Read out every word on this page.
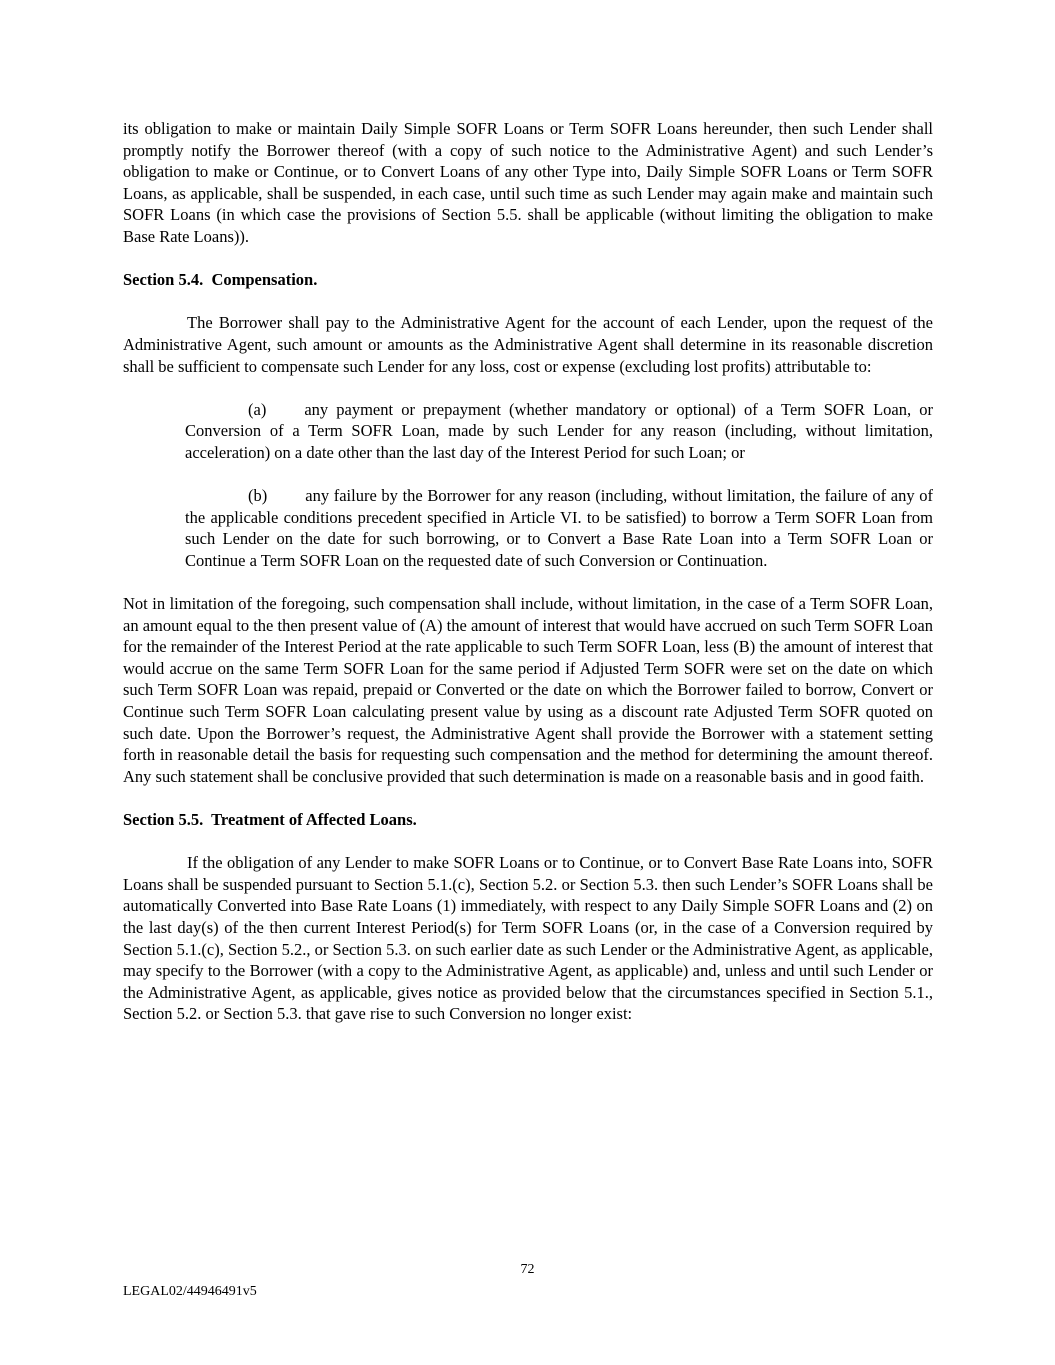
its obligation to make or maintain Daily Simple SOFR Loans or Term SOFR Loans hereunder, then such Lender shall promptly notify the Borrower thereof (with a copy of such notice to the Administrative Agent) and such Lender’s obligation to make or Continue, or to Convert Loans of any other Type into, Daily Simple SOFR Loans or Term SOFR Loans, as applicable, shall be suspended, in each case, until such time as such Lender may again make and maintain such SOFR Loans (in which case the provisions of Section 5.5. shall be applicable (without limiting the obligation to make Base Rate Loans)).

Section 5.4.  Compensation.

The Borrower shall pay to the Administrative Agent for the account of each Lender, upon the request of the Administrative Agent, such amount or amounts as the Administrative Agent shall determine in its reasonable discretion shall be sufficient to compensate such Lender for any loss, cost or expense (excluding lost profits) attributable to:

(a) any payment or prepayment (whether mandatory or optional) of a Term SOFR Loan, or Conversion of a Term SOFR Loan, made by such Lender for any reason (including, without limitation, acceleration) on a date other than the last day of the Interest Period for such Loan; or

(b) any failure by the Borrower for any reason (including, without limitation, the failure of any of the applicable conditions precedent specified in Article VI. to be satisfied) to borrow a Term SOFR Loan from such Lender on the date for such borrowing, or to Convert a Base Rate Loan into a Term SOFR Loan or Continue a Term SOFR Loan on the requested date of such Conversion or Continuation.

Not in limitation of the foregoing, such compensation shall include, without limitation, in the case of a Term SOFR Loan, an amount equal to the then present value of (A) the amount of interest that would have accrued on such Term SOFR Loan for the remainder of the Interest Period at the rate applicable to such Term SOFR Loan, less (B) the amount of interest that would accrue on the same Term SOFR Loan for the same period if Adjusted Term SOFR were set on the date on which such Term SOFR Loan was repaid, prepaid or Converted or the date on which the Borrower failed to borrow, Convert or Continue such Term SOFR Loan calculating present value by using as a discount rate Adjusted Term SOFR quoted on such date. Upon the Borrower’s request, the Administrative Agent shall provide the Borrower with a statement setting forth in reasonable detail the basis for requesting such compensation and the method for determining the amount thereof. Any such statement shall be conclusive provided that such determination is made on a reasonable basis and in good faith.

Section 5.5.  Treatment of Affected Loans.

If the obligation of any Lender to make SOFR Loans or to Continue, or to Convert Base Rate Loans into, SOFR Loans shall be suspended pursuant to Section 5.1.(c), Section 5.2. or Section 5.3. then such Lender’s SOFR Loans shall be automatically Converted into Base Rate Loans (1) immediately, with respect to any Daily Simple SOFR Loans and (2) on the last day(s) of the then current Interest Period(s) for Term SOFR Loans (or, in the case of a Conversion required by Section 5.1.(c), Section 5.2., or Section 5.3. on such earlier date as such Lender or the Administrative Agent, as applicable, may specify to the Borrower (with a copy to the Administrative Agent, as applicable) and, unless and until such Lender or the Administrative Agent, as applicable, gives notice as provided below that the circumstances specified in Section 5.1., Section 5.2. or Section 5.3. that gave rise to such Conversion no longer exist:

72
LEGAL02/44946491v5
